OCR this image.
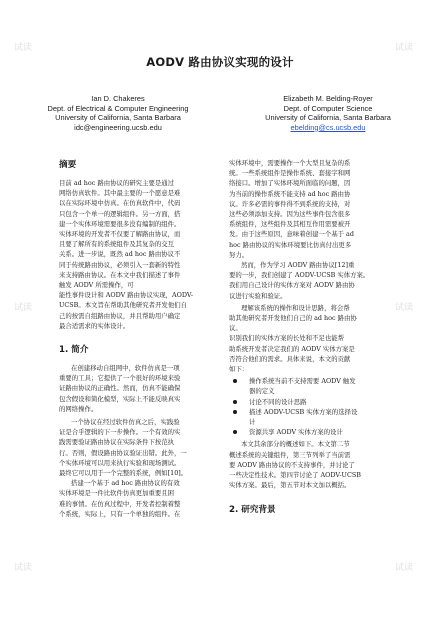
试读	试读
试读	试读
试读	试读
AODV 路由协议实现的设计
Ian D. Chakeres
Dept. of Electrical & Computer Engineering
University of California, Santa Barbara
idc@engineering.ucsb.edu
Elizabeth M. Belding-Royer
Dept. of Computer Science
University of California, Santa Barbara
ebelding@cs.ucsb.edu
摘要
目前 ad hoc 路由协议的研究主要是通过
网络仿真软件。其中最主要的一个愿意是难
以在实际环境中仿真。在仿真软件中，代码
只包含一个单一的逻辑组件。另一方面，搭
建一个实体环境需要很多没有编制的组件。
实体环境的开发者不仅要了解路由协议，而
且要了解所有的系统组件及其复杂的交互
关系。进一步说，既然 ad hoc 路由协议不
同于传统路由协议，必须引入一套新的特性
来支持路由协议。在本文中我们描述了事件
触发 AODV 所需操作，可
能性事件设计和 AODV 路由协议实现，AODV-
UCSB。本文旨在帮助其他研究者开发他们自
己的按需自组路由协议，并且帮助用户确定
最合适需求的实体设计。
1. 简介
在创建移动自组网中，软件仿真是一项
重要的工具；它提供了一个很好的环境来验
证路由协议的正确性。然而，仿真不能确保
包含假设和简化模型，实际上不能反映真实
的网络操作。
一个协议在经过软件仿真之后，实践验
证是合乎逻辑的下一步操作。一个有效的实
践需要验证路由协议在实际条件下按范执
行。否则，假设路由协议验证出错。此外，一
个实体环境可以用来执行实验和现场测试。
最终它可以用于一个完整的系统，例如[10]。
搭建一个基于 ad hoc 路由协议的有效
实体环境是一件比软件仿真更加重要且困
难的事情。在仿真过程中，开发者控制着整
个系统，实际上，只有一个单独的组件。在
实体环境中，需要操作一个大型且复杂的系
统。一些系统组件是操作系统、套接字和网
络接口。增加了实体环境所面临的问题，因
为当前的操作系统不能支持 ad hoc 路由协
议。许多必需的事件得不到系统的支持，对
这些必须添加支持。因为这些事件包含很多
系统组件，这些组件及其相互作用需要被开
发。由于这些原因，意味着创建一个基于 ad
hoc 路由协议的实体环境要比仿真付出更多
努力。
然而，作为学习 AODV 路由协议[12]重
要的一步，我们创建了 AODV-UCSB 实体方案。
我们用自己设计的实体方案对 AODV 路由协
议进行实验和验证。
理解该系统的操作和设计思路，将会帮
助其他研究者开发他们自己的 ad hoc 路由协
议。
识别我们的实体方案的长处和不足也能帮
助系统开发者决定我们的 AODV 实体方案是
否符合他们的需求。具体来说，本文的贡献
如下：
操作系统当前不支持需要 AODV 触发
器的定义
讨论不同的设计思路
描述 AODV-UCSB 实体方案的选择设
计
资源共享 AODV 实体方案的设计
本文其余部分的概述如下。本文第二节
概述系统的关键组件，第三节列举了当前需
要 AODV 路由协议的不支持事件，并讨论了
一些决定性技术。第四节讨论了 AODV-UCSB
实体方案。最后，第五节对本文加以概括。
2. 研究背景
